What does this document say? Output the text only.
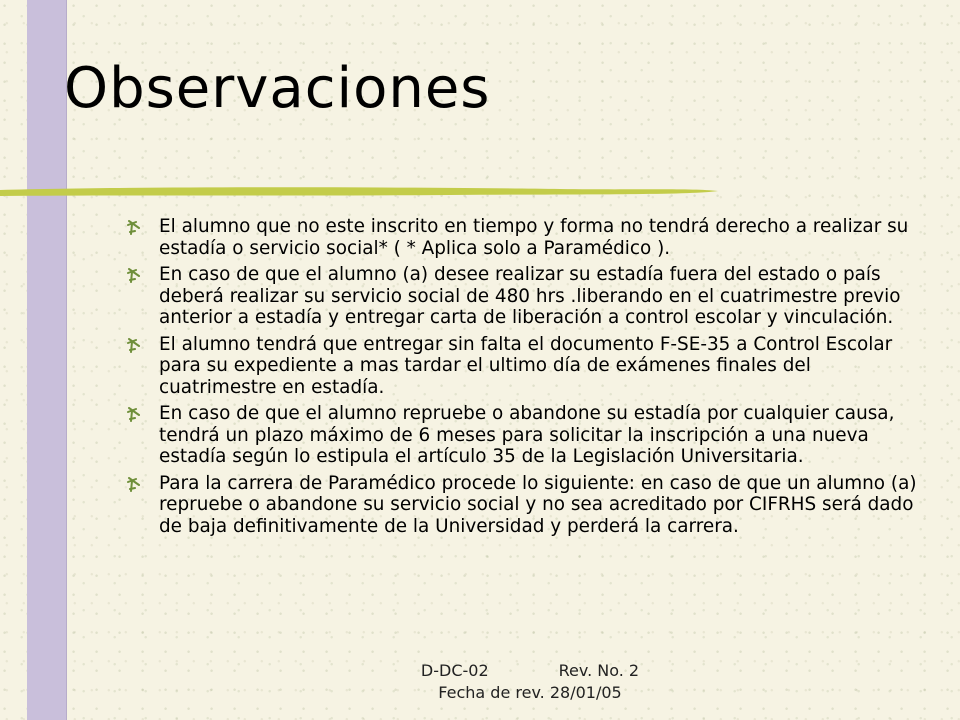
Observaciones
El alumno que no este inscrito en tiempo y forma no tendrá derecho a realizar su estadía o servicio social* ( * Aplica solo a Paramédico ).
En caso de que el alumno (a) desee realizar su estadía fuera del estado o país deberá realizar su servicio social de 480 hrs .liberando en el cuatrimestre previo anterior a estadía y entregar carta de liberación a control escolar y vinculación.
El alumno tendrá que entregar sin falta el documento F-SE-35 a Control Escolar para su expediente a mas tardar el ultimo día de exámenes finales del cuatrimestre en estadía.
En caso de que el alumno repruebe o abandone su estadía por cualquier causa, tendrá un plazo máximo de 6 meses para solicitar la inscripción a una nueva estadía según lo estipula el artículo 35 de la Legislación Universitaria.
Para la carrera de Paramédico procede lo siguiente: en caso de que un alumno (a) repruebe o abandone su servicio social y no sea acreditado por CIFRHS será dado de baja definitivamente de la Universidad y perderá la carrera.
D-DC-02	Rev. No. 2
Fecha de rev. 28/01/05
